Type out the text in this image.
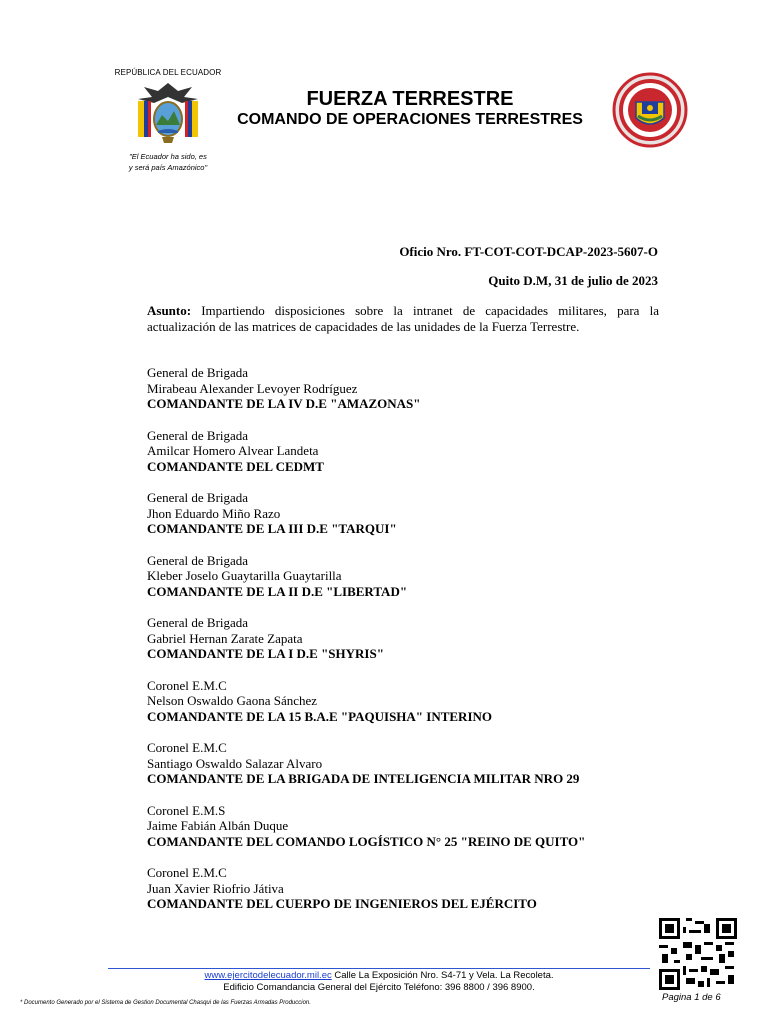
REPÚBLICA DEL ECUADOR
"El Ecuador ha sido, es
y será país Amazónico"
FUERZA TERRESTRE
COMANDO DE OPERACIONES TERRESTRES
Oficio Nro. FT-COT-COT-DCAP-2023-5607-O
Quito D.M, 31 de julio de 2023
Asunto: Impartiendo disposiciones sobre la intranet de capacidades militares, para la actualización de las matrices de capacidades de las unidades de la Fuerza Terrestre.
General de Brigada
Mirabeau Alexander Levoyer Rodríguez
COMANDANTE DE LA IV D.E "AMAZONAS"
General de Brigada
Amilcar Homero Alvear Landeta
COMANDANTE DEL CEDMT
General de Brigada
Jhon Eduardo Miño Razo
COMANDANTE DE LA III D.E "TARQUI"
General de Brigada
Kleber Joselo Guaytarilla Guaytarilla
COMANDANTE DE LA II D.E "LIBERTAD"
General de Brigada
Gabriel Hernan Zarate Zapata
COMANDANTE DE LA I D.E "SHYRIS"
Coronel E.M.C
Nelson Oswaldo Gaona Sánchez
COMANDANTE DE LA 15 B.A.E "PAQUISHA" INTERINO
Coronel E.M.C
Santiago Oswaldo Salazar Alvaro
COMANDANTE DE LA BRIGADA DE INTELIGENCIA MILITAR NRO 29
Coronel E.M.S
Jaime Fabián Albán Duque
COMANDANTE DEL COMANDO LOGÍSTICO N° 25 "REINO DE QUITO"
Coronel E.M.C
Juan Xavier Riofrio Játiva
COMANDANTE DEL CUERPO DE INGENIEROS DEL EJÉRCITO
www.ejercitodelecuador.mil.ec Calle La Exposición Nro. S4-71 y Vela. La Recoleta.
Edificio Comandancia General del Ejército Teléfono: 396 8800 / 396 8900.
Pagina 1 de 6
* Documento Generado por el Sistema de Gestion Documental Chasqui de las Fuerzas Armadas Produccion.
